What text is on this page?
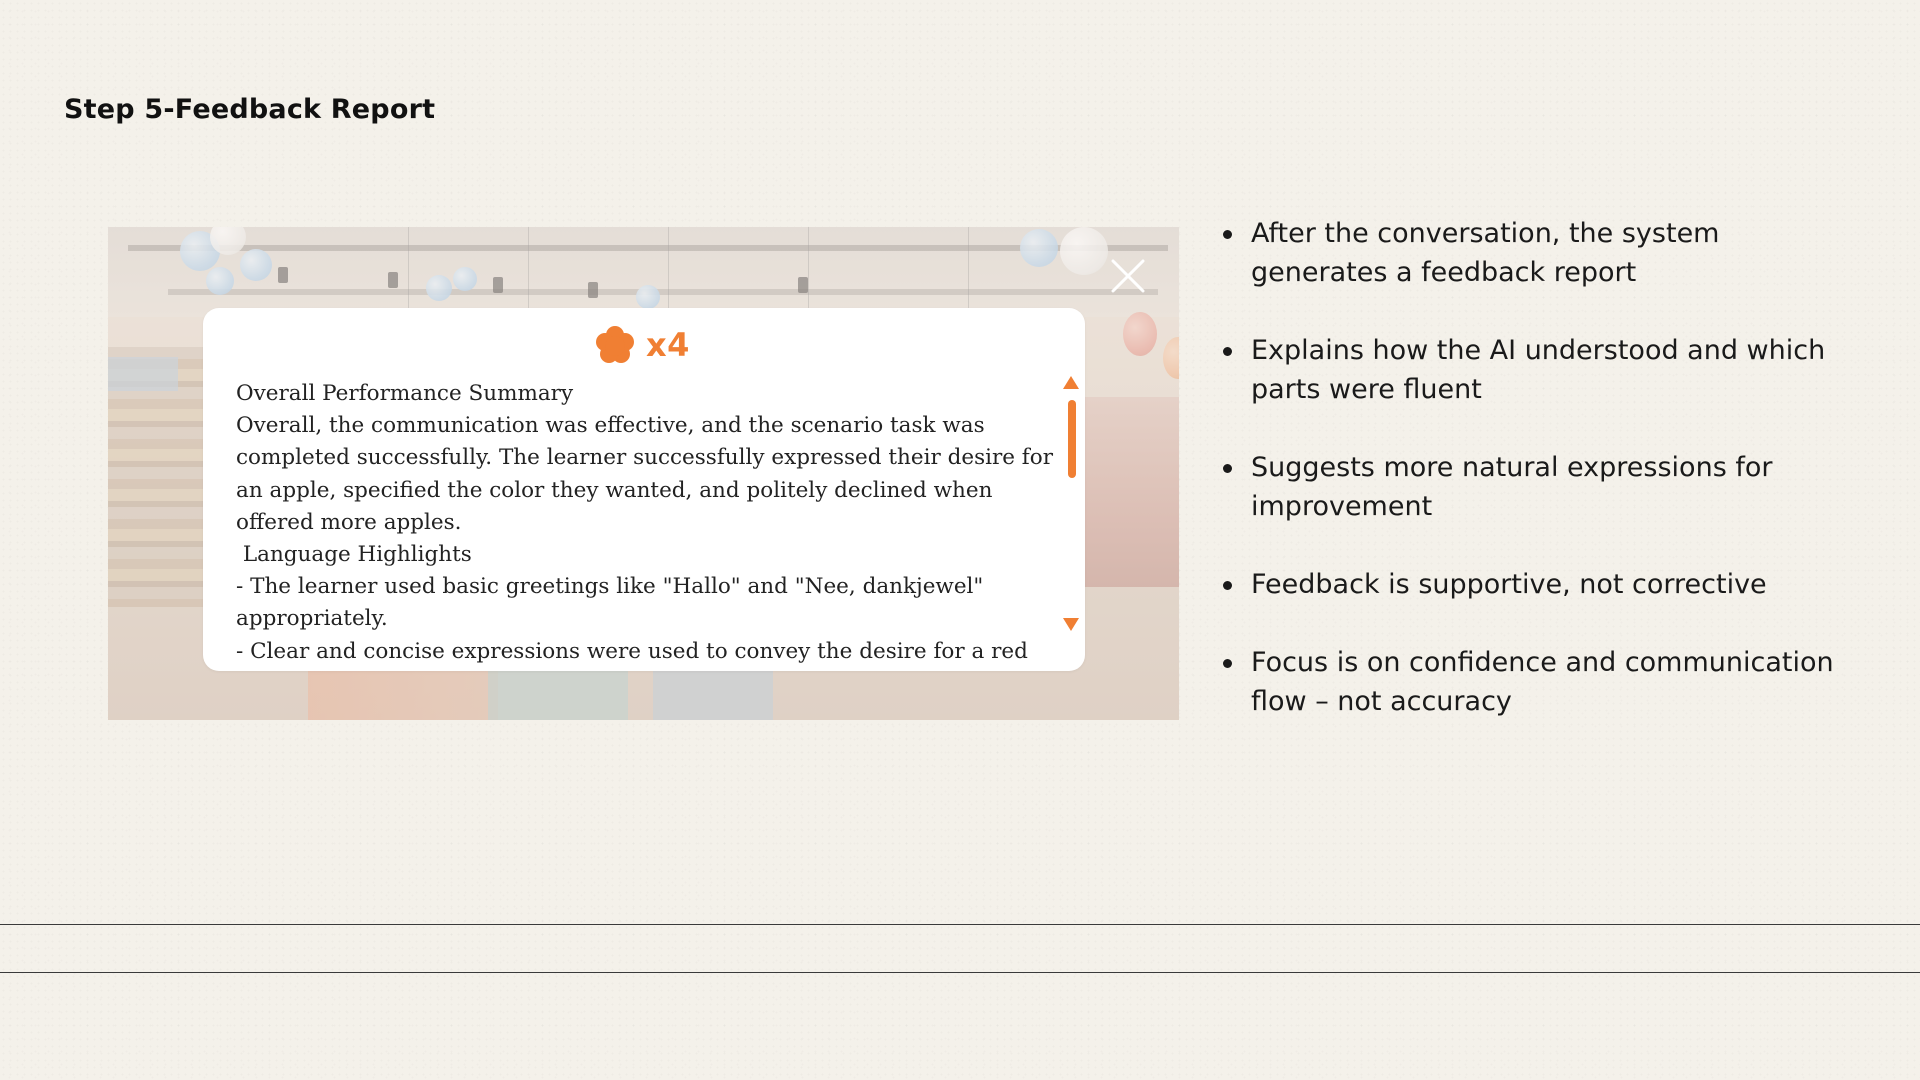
Step 5-Feedback Report
x4

Overall Performance Summary

Overall, the communication was effective, and the scenario task was

completed successfully. The learner successfully expressed their desire for

an apple, specified the color they wanted, and politely declined when

offered more apples.

Language Highlights

- The learner used basic greetings like "Hallo" and "Nee, dankjewel"

appropriately.

- Clear and concise expressions were used to convey the desire for a red

After the conversation, the system generates a feedback report
Explains how the AI understood and which parts were fluent
Suggests more natural expressions for improvement
Feedback is supportive, not corrective
Focus is on confidence and communication flow – not accuracy
